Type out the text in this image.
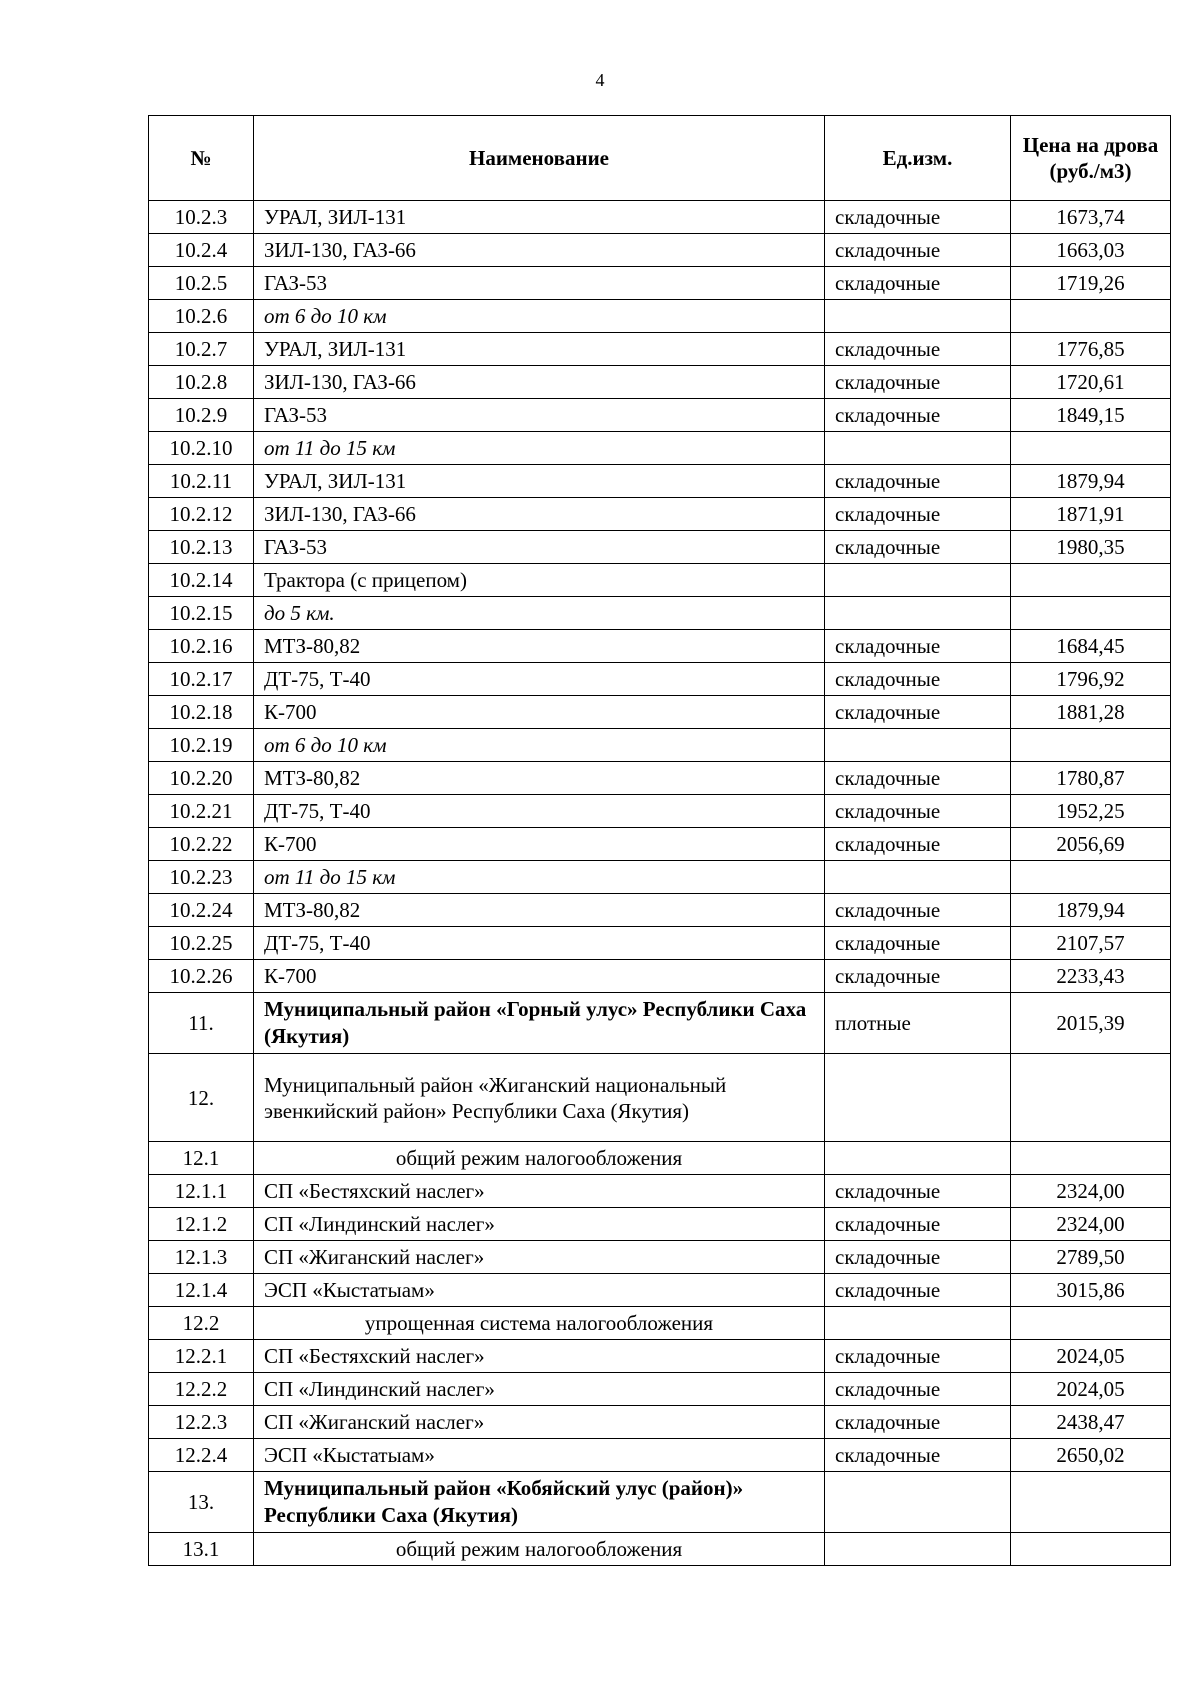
4
№	Наименование	Ед.изм.	Цена на дрова (руб./м3)
10.2.3	УРАЛ, ЗИЛ-131	складочные	1673,74
10.2.4	ЗИЛ-130, ГАЗ-66	складочные	1663,03
10.2.5	ГАЗ-53	складочные	1719,26
10.2.6	от 6 до 10 км		
10.2.7	УРАЛ, ЗИЛ-131	складочные	1776,85
10.2.8	ЗИЛ-130, ГАЗ-66	складочные	1720,61
10.2.9	ГАЗ-53	складочные	1849,15
10.2.10	от 11 до 15 км		
10.2.11	УРАЛ, ЗИЛ-131	складочные	1879,94
10.2.12	ЗИЛ-130, ГАЗ-66	складочные	1871,91
10.2.13	ГАЗ-53	складочные	1980,35
10.2.14	Трактора (с прицепом)		
10.2.15	до 5 км.		
10.2.16	МТЗ-80,82	складочные	1684,45
10.2.17	ДТ-75, Т-40	складочные	1796,92
10.2.18	К-700	складочные	1881,28
10.2.19	от 6 до 10 км		
10.2.20	МТЗ-80,82	складочные	1780,87
10.2.21	ДТ-75, Т-40	складочные	1952,25
10.2.22	К-700	складочные	2056,69
10.2.23	от 11 до 15 км		
10.2.24	МТЗ-80,82	складочные	1879,94
10.2.25	ДТ-75, Т-40	складочные	2107,57
10.2.26	К-700	складочные	2233,43
11.	Муниципальный район «Горный улус» Республики Саха (Якутия)	плотные	2015,39
12.	Муниципальный район «Жиганский национальный эвенкийский район» Республики Саха (Якутия)		
12.1	общий режим налогообложения		
12.1.1	СП «Бестяхский наслег»	складочные	2324,00
12.1.2	СП «Линдинский наслег»	складочные	2324,00
12.1.3	СП «Жиганский наслег»	складочные	2789,50
12.1.4	ЭСП «Кыстатыам»	складочные	3015,86
12.2	упрощенная система налогообложения		
12.2.1	СП «Бестяхский наслег»	складочные	2024,05
12.2.2	СП «Линдинский наслег»	складочные	2024,05
12.2.3	СП «Жиганский наслег»	складочные	2438,47
12.2.4	ЭСП «Кыстатыам»	складочные	2650,02
13.	Муниципальный район «Кобяйский улус (район)» Республики Саха (Якутия)		
13.1	общий режим налогообложения		
